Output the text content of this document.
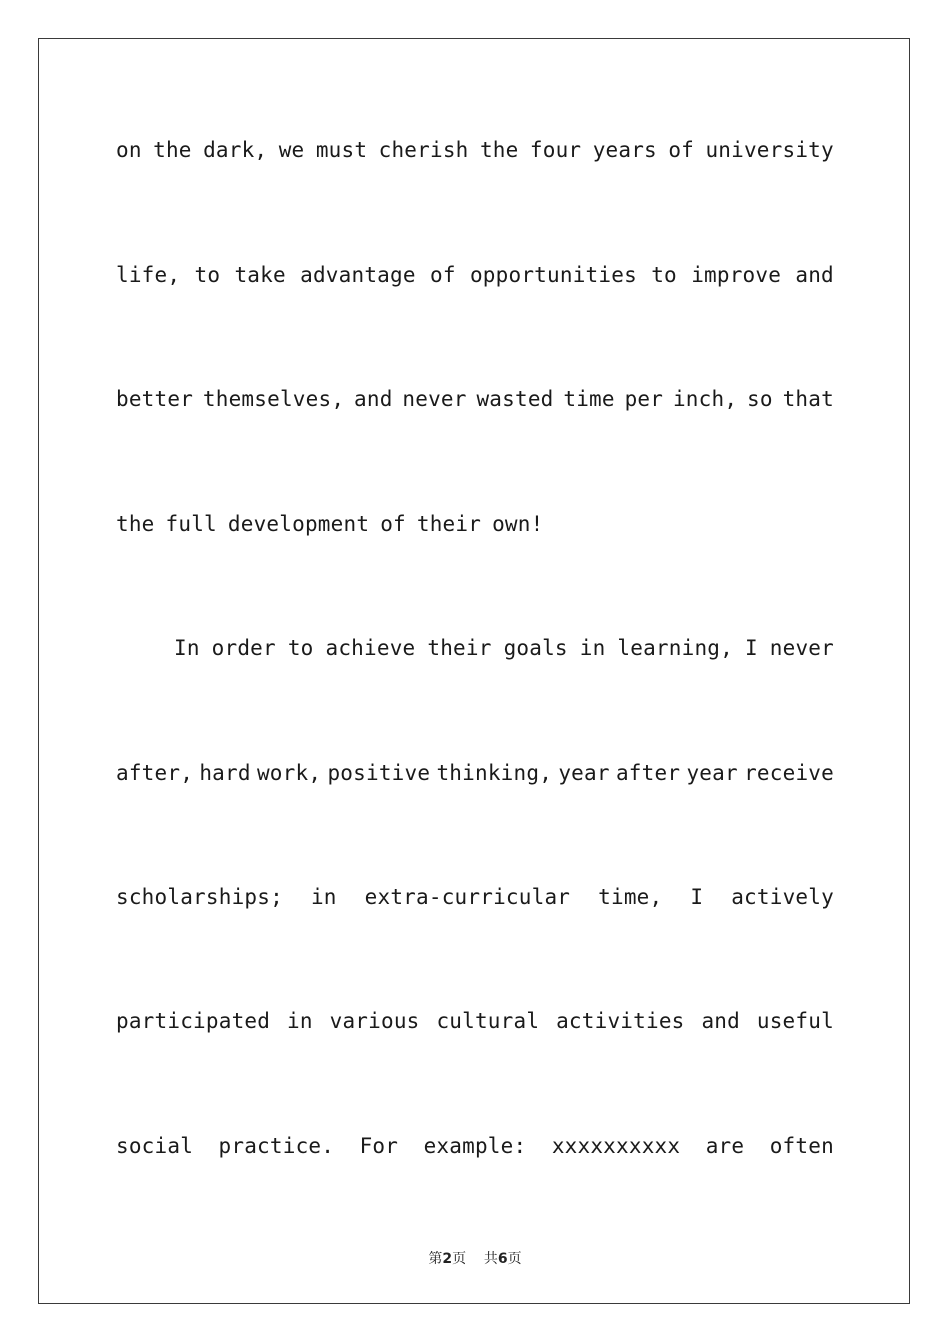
on the dark, we must cherish the four years of university
life, to take advantage of opportunities to improve and
better themselves, and never wasted time per inch, so that
the full development of their own!
In order to achieve their goals in learning, I never
after, hard work, positive thinking, year after year receive
scholarships; in extra-curricular time, I actively
participated in various cultural activities and useful
social practice. For example: xxxxxxxxxx are often
第2页 共6页
